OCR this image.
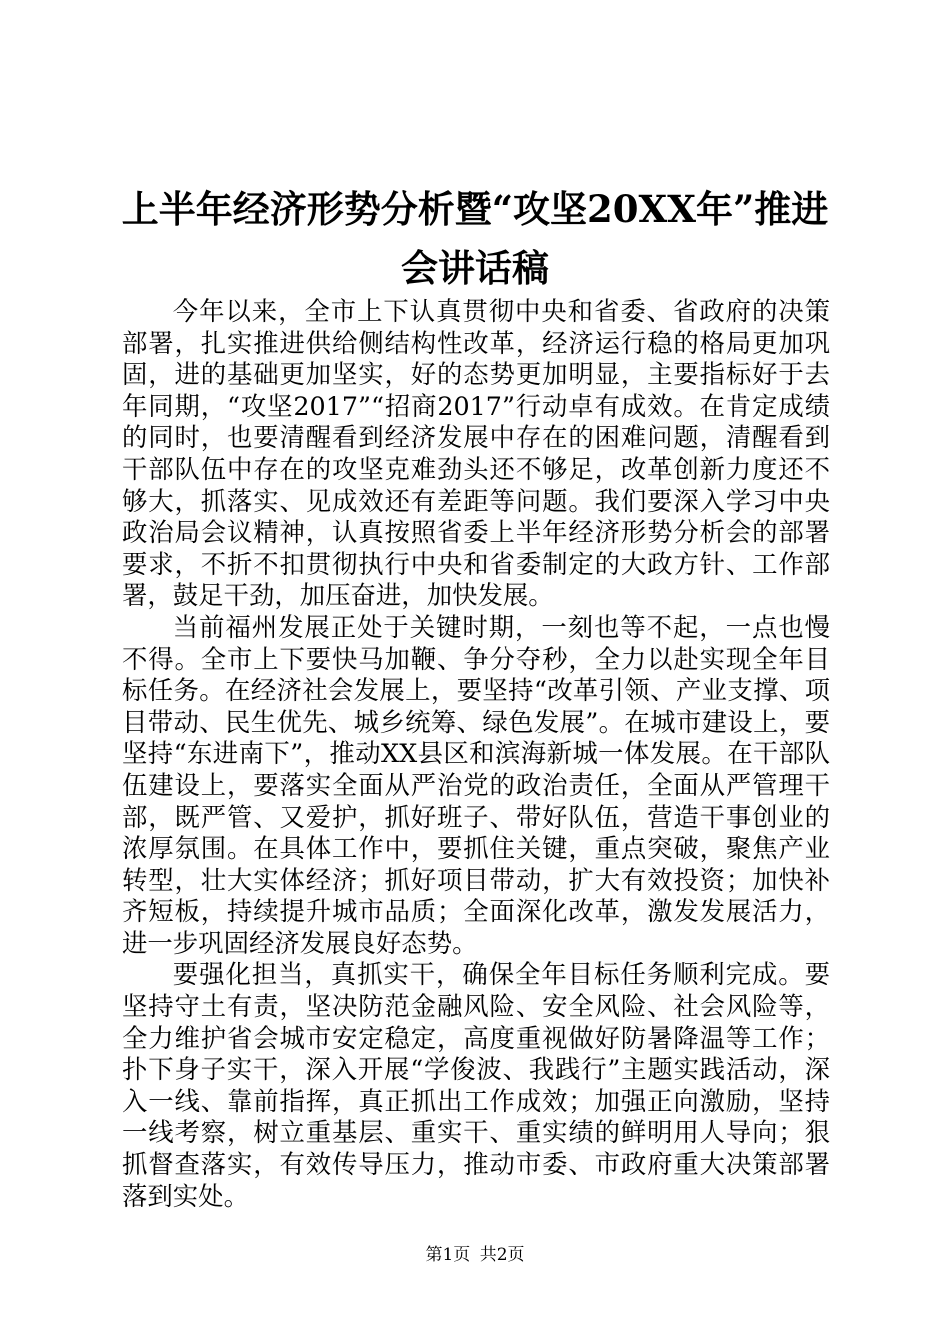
上半年经济形势分析暨“攻坚20XX年”推进会讲话稿

今年以来，全市上下认真贯彻中央和省委、省政府的决策部署，扎实推进供给侧结构性改革，经济运行稳的格局更加巩固，进的基础更加坚实，好的态势更加明显，主要指标好于去年同期，“攻坚2017”“招商2017”行动卓有成效。在肯定成绩的同时，也要清醒看到经济发展中存在的困难问题，清醒看到干部队伍中存在的攻坚克难劲头还不够足，改革创新力度还不够大，抓落实、见成效还有差距等问题。我们要深入学习中央政治局会议精神，认真按照省委上半年经济形势分析会的部署要求，不折不扣贯彻执行中央和省委制定的大政方针、工作部署，鼓足干劲，加压奋进，加快发展。

当前福州发展正处于关键时期，一刻也等不起，一点也慢不得。全市上下要快马加鞭、争分夺秒，全力以赴实现全年目标任务。在经济社会发展上，要坚持“改革引领、产业支撑、项目带动、民生优先、城乡统筹、绿色发展”。在城市建设上，要坚持“东进南下”，推动XX县区和滨海新城一体发展。在干部队伍建设上，要落实全面从严治党的政治责任，全面从严管理干部，既严管、又爱护，抓好班子、带好队伍，营造干事创业的浓厚氛围。在具体工作中，要抓住关键，重点突破，聚焦产业转型，壮大实体经济；抓好项目带动，扩大有效投资；加快补齐短板，持续提升城市品质；全面深化改革，激发发展活力，进一步巩固经济发展良好态势。

要强化担当，真抓实干，确保全年目标任务顺利完成。要坚持守土有责，坚决防范金融风险、安全风险、社会风险等，全力维护省会城市安定稳定，高度重视做好防暑降温等工作；扑下身子实干，深入开展“学俊波、我践行”主题实践活动，深入一线、靠前指挥，真正抓出工作成效；加强正向激励，坚持一线考察，树立重基层、重实干、重实绩的鲜明用人导向；狠抓督查落实，有效传导压力，推动市委、市政府重大决策部署落到实处。

第1页 共2页
